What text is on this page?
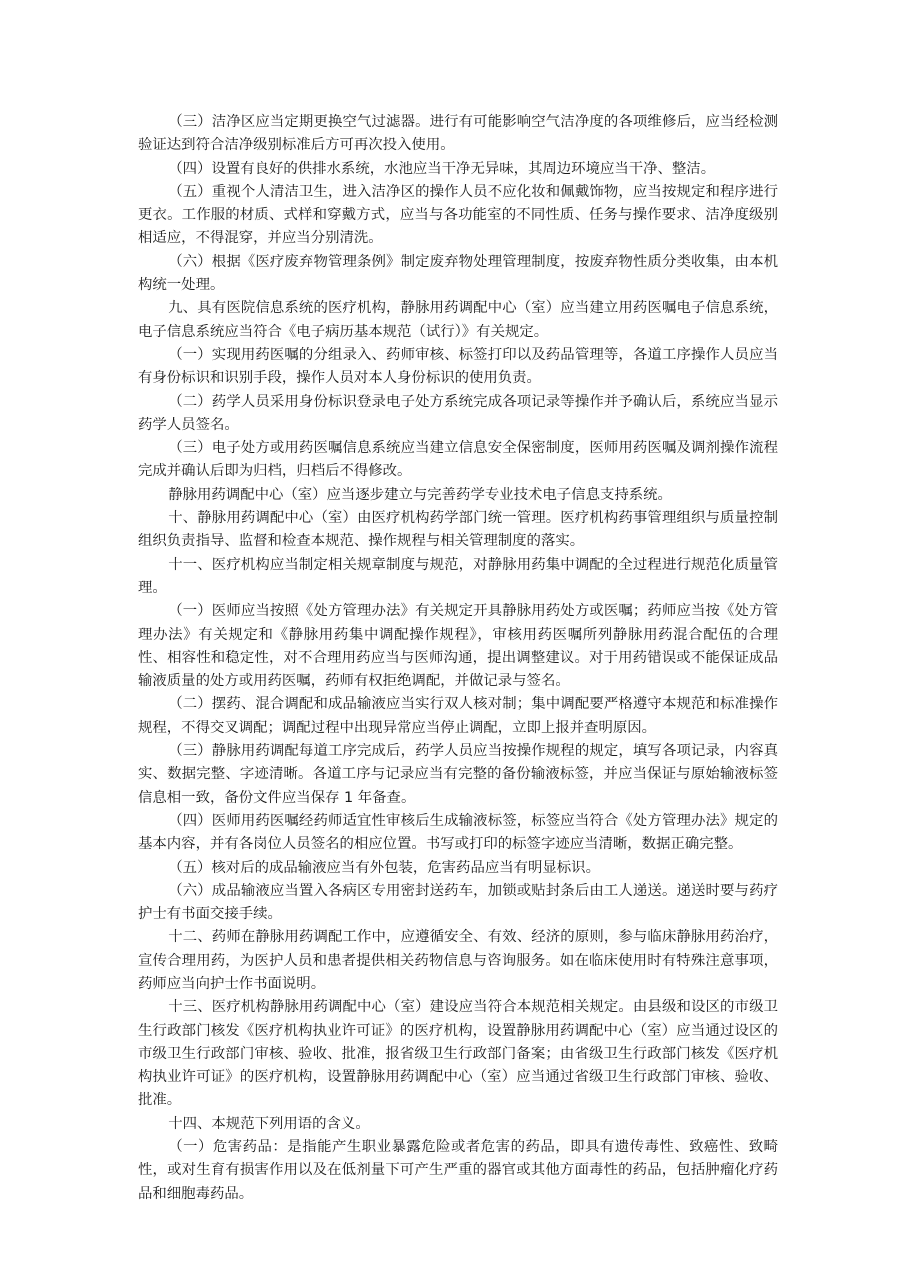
（三）洁净区应当定期更换空气过滤器。进行有可能影响空气洁净度的各项维修后，应当经检测验证达到符合洁净级别标准后方可再次投入使用。

（四）设置有良好的供排水系统，水池应当干净无异味，其周边环境应当干净、整洁。

（五）重视个人清洁卫生，进入洁净区的操作人员不应化妆和佩戴饰物，应当按规定和程序进行更衣。工作服的材质、式样和穿戴方式，应当与各功能室的不同性质、任务与操作要求、洁净度级别相适应，不得混穿，并应当分别清洗。

（六）根据《医疗废弃物管理条例》制定废弃物处理管理制度，按废弃物性质分类收集，由本机构统一处理。

九、具有医院信息系统的医疗机构，静脉用药调配中心（室）应当建立用药医嘱电子信息系统，电子信息系统应当符合《电子病历基本规范（试行）》有关规定。

（一）实现用药医嘱的分组录入、药师审核、标签打印以及药品管理等，各道工序操作人员应当有身份标识和识别手段，操作人员对本人身份标识的使用负责。

（二）药学人员采用身份标识登录电子处方系统完成各项记录等操作并予确认后，系统应当显示药学人员签名。

（三）电子处方或用药医嘱信息系统应当建立信息安全保密制度，医师用药医嘱及调剂操作流程完成并确认后即为归档，归档后不得修改。

静脉用药调配中心（室）应当逐步建立与完善药学专业技术电子信息支持系统。

十、静脉用药调配中心（室）由医疗机构药学部门统一管理。医疗机构药事管理组织与质量控制组织负责指导、监督和检查本规范、操作规程与相关管理制度的落实。

十一、医疗机构应当制定相关规章制度与规范，对静脉用药集中调配的全过程进行规范化质量管理。

（一）医师应当按照《处方管理办法》有关规定开具静脉用药处方或医嘱；药师应当按《处方管理办法》有关规定和《静脉用药集中调配操作规程》，审核用药医嘱所列静脉用药混合配伍的合理性、相容性和稳定性，对不合理用药应当与医师沟通，提出调整建议。对于用药错误或不能保证成品输液质量的处方或用药医嘱，药师有权拒绝调配，并做记录与签名。

（二）摆药、混合调配和成品输液应当实行双人核对制；集中调配要严格遵守本规范和标准操作规程，不得交叉调配；调配过程中出现异常应当停止调配，立即上报并查明原因。

（三）静脉用药调配每道工序完成后，药学人员应当按操作规程的规定，填写各项记录，内容真实、数据完整、字迹清晰。各道工序与记录应当有完整的备份输液标签，并应当保证与原始输液标签信息相一致，备份文件应当保存 1 年备查。

（四）医师用药医嘱经药师适宜性审核后生成输液标签，标签应当符合《处方管理办法》规定的基本内容，并有各岗位人员签名的相应位置。书写或打印的标签字迹应当清晰，数据正确完整。

（五）核对后的成品输液应当有外包装，危害药品应当有明显标识。

（六）成品输液应当置入各病区专用密封送药车，加锁或贴封条后由工人递送。递送时要与药疗护士有书面交接手续。

十二、药师在静脉用药调配工作中，应遵循安全、有效、经济的原则，参与临床静脉用药治疗，宣传合理用药，为医护人员和患者提供相关药物信息与咨询服务。如在临床使用时有特殊注意事项，药师应当向护士作书面说明。

十三、医疗机构静脉用药调配中心（室）建设应当符合本规范相关规定。由县级和设区的市级卫生行政部门核发《医疗机构执业许可证》的医疗机构，设置静脉用药调配中心（室）应当通过设区的市级卫生行政部门审核、验收、批准，报省级卫生行政部门备案；由省级卫生行政部门核发《医疗机构执业许可证》的医疗机构，设置静脉用药调配中心（室）应当通过省级卫生行政部门审核、验收、批准。

十四、本规范下列用语的含义。

（一）危害药品：是指能产生职业暴露危险或者危害的药品，即具有遗传毒性、致癌性、致畸性，或对生育有损害作用以及在低剂量下可产生严重的器官或其他方面毒性的药品，包括肿瘤化疗药品和细胞毒药品。
